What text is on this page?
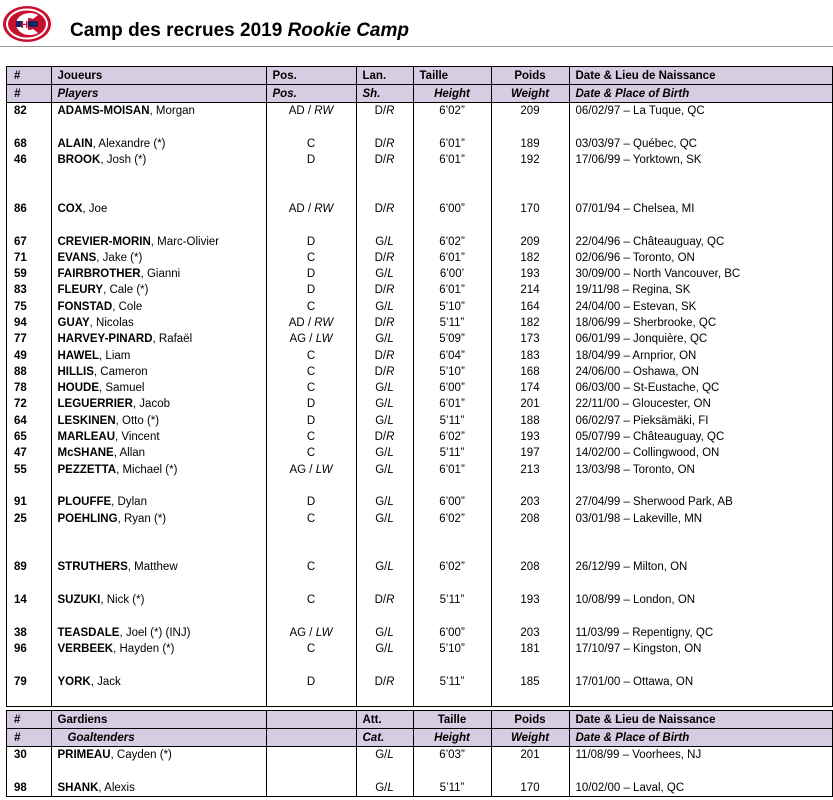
H Camp des recrues 2019 Rookie Camp
#	Joueurs	Pos.	Lan.	Taille	Poids	Date & Lieu de Naissance
#	Players	Pos.	Sh.	Height	Weight	Date & Place of Birth
82	ADAMS-MOISAN, Morgan	AD / RW	D/R	6’02”	209	06/02/97 – La Tuque, QC

68	ALAIN, Alexandre (*)	C	D/R	6’01”	189	03/03/97 – Québec, QC
46	BROOK, Josh (*)	D	D/R	6’01”	192	17/06/99 – Yorktown, SK

86	COX, Joe	AD / RW	D/R	6’00”	170	07/01/94 – Chelsea, MI

67	CREVIER-MORIN, Marc-Olivier	D	G/L	6’02”	209	22/04/96 – Châteauguay, QC
71	EVANS, Jake (*)	C	D/R	6’01”	182	02/06/96 – Toronto, ON
59	FAIRBROTHER, Gianni	D	G/L	6’00’	193	30/09/00 – North Vancouver, BC
83	FLEURY, Cale (*)	D	D/R	6’01”	214	19/11/98 – Regina, SK
75	FONSTAD, Cole	C	G/L	5’10”	164	24/04/00 – Estevan, SK
94	GUAY, Nicolas	AD / RW	D/R	5’11”	182	18/06/99 – Sherbrooke, QC
77	HARVEY-PINARD, Rafaël	AG / LW	G/L	5’09”	173	06/01/99 – Jonquière, QC
49	HAWEL, Liam	C	D/R	6’04”	183	18/04/99 – Arnprior, ON
88	HILLIS, Cameron	C	D/R	5’10”	168	24/06/00 – Oshawa, ON
78	HOUDE, Samuel	C	G/L	6’00”	174	06/03/00 – St-Eustache, QC
72	LEGUERRIER, Jacob	D	G/L	6’01”	201	22/11/00 – Gloucester, ON
64	LESKINEN, Otto (*)	D	G/L	5’11”	188	06/02/97 – Pieksämäki, FI
65	MARLEAU, Vincent	C	D/R	6’02”	193	05/07/99 – Châteauguay, QC
47	McSHANE, Allan	C	G/L	5’11”	197	14/02/00 – Collingwood, ON
55	PEZZETTA, Michael (*)	AG / LW	G/L	6’01”	213	13/03/98 – Toronto, ON

91	PLOUFFE, Dylan	D	G/L	6’00”	203	27/04/99 – Sherwood Park, AB
25	POEHLING, Ryan (*)	C	G/L	6’02”	208	03/01/98 – Lakeville, MN

89	STRUTHERS, Matthew	C	G/L	6’02”	208	26/12/99 – Milton, ON

14	SUZUKI, Nick (*)	C	D/R	5’11”	193	10/08/99 – London, ON

38	TEASDALE, Joel (*) (INJ)	AG / LW	G/L	6’00”	203	11/03/99 – Repentigny, QC
96	VERBEEK, Hayden (*)	C	G/L	5’10”	181	17/10/97 – Kingston, ON

79	YORK, Jack	D	D/R	5’11”	185	17/01/00 – Ottawa, ON

#	Gardiens		Att.	Taille	Poids	Date & Lieu de Naissance
#	Goaltenders		Cat.	Height	Weight	Date & Place of Birth
30	PRIMEAU, Cayden (*)		G/L	6’03”	201	11/08/99 – Voorhees, NJ

98	SHANK, Alexis		G/L	5’11”	170	10/02/00 – Laval, QC
